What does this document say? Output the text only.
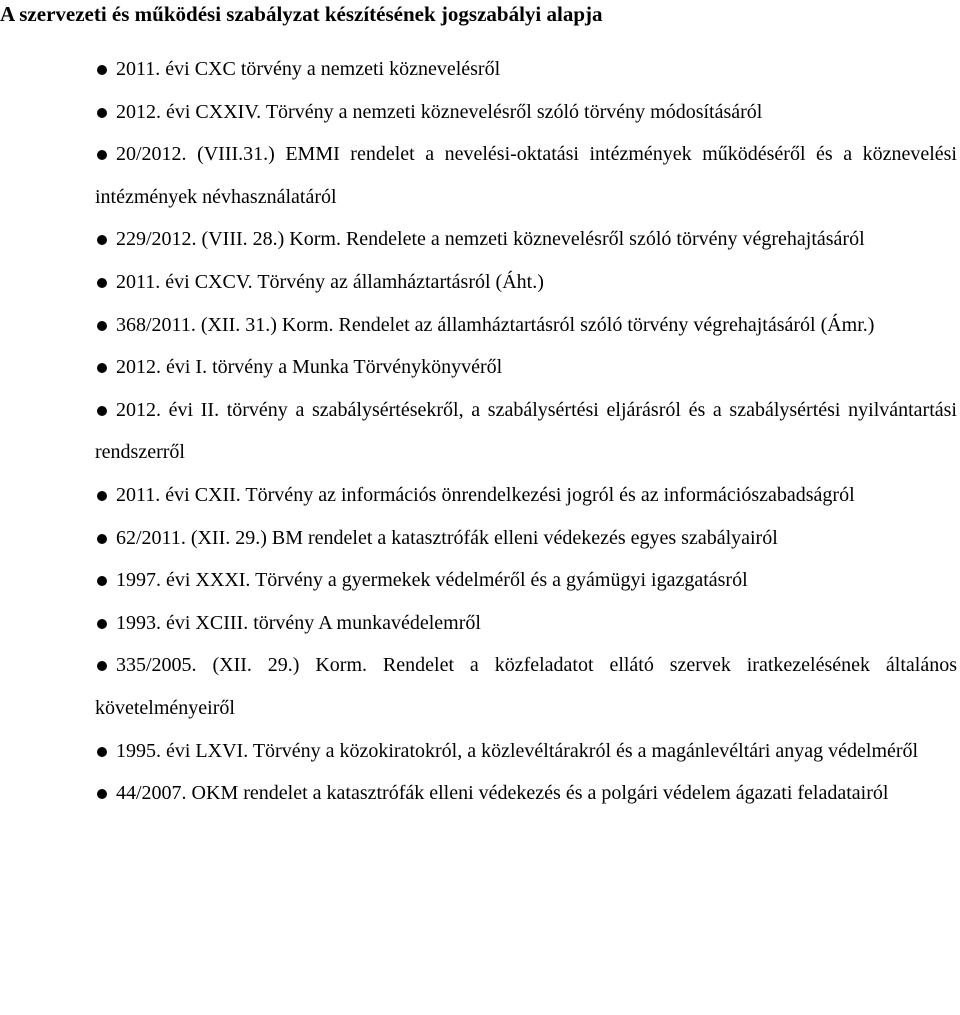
A szervezeti és működési szabályzat készítésének jogszabályi alapja
2011. évi CXC törvény a nemzeti köznevelésről
2012. évi CXXIV. Törvény a nemzeti köznevelésről szóló törvény módosításáról
20/2012. (VIII.31.) EMMI rendelet a nevelési-oktatási intézmények működéséről és a köznevelési intézmények névhasználatáról
229/2012. (VIII. 28.) Korm. Rendelete a nemzeti köznevelésről szóló törvény végrehajtásáról
2011. évi CXCV. Törvény az államháztartásról (Áht.)
368/2011. (XII. 31.) Korm. Rendelet az államháztartásról szóló törvény végrehajtásáról (Ámr.)
2012. évi I. törvény a Munka Törvénykönyvéről
2012. évi II. törvény a szabálysértésekről, a szabálysértési eljárásról és a szabálysértési nyilvántartási rendszerről
2011. évi CXII. Törvény az információs önrendelkezési jogról és az információszabadságról
62/2011. (XII. 29.) BM rendelet a katasztrófák elleni védekezés egyes szabályairól
1997. évi XXXI. Törvény a gyermekek védelméről és a gyámügyi igazgatásról
1993. évi XCIII. törvény A munkavédelemről
335/2005. (XII. 29.) Korm. Rendelet a közfeladatot ellátó szervek iratkezelésének általános követelményeiről
1995. évi LXVI. Törvény a közokiratokról, a közlevéltárakról és a magánlevéltári anyag védelméről
44/2007. OKM rendelet a katasztrófák elleni védekezés és a polgári védelem ágazati feladatairól
